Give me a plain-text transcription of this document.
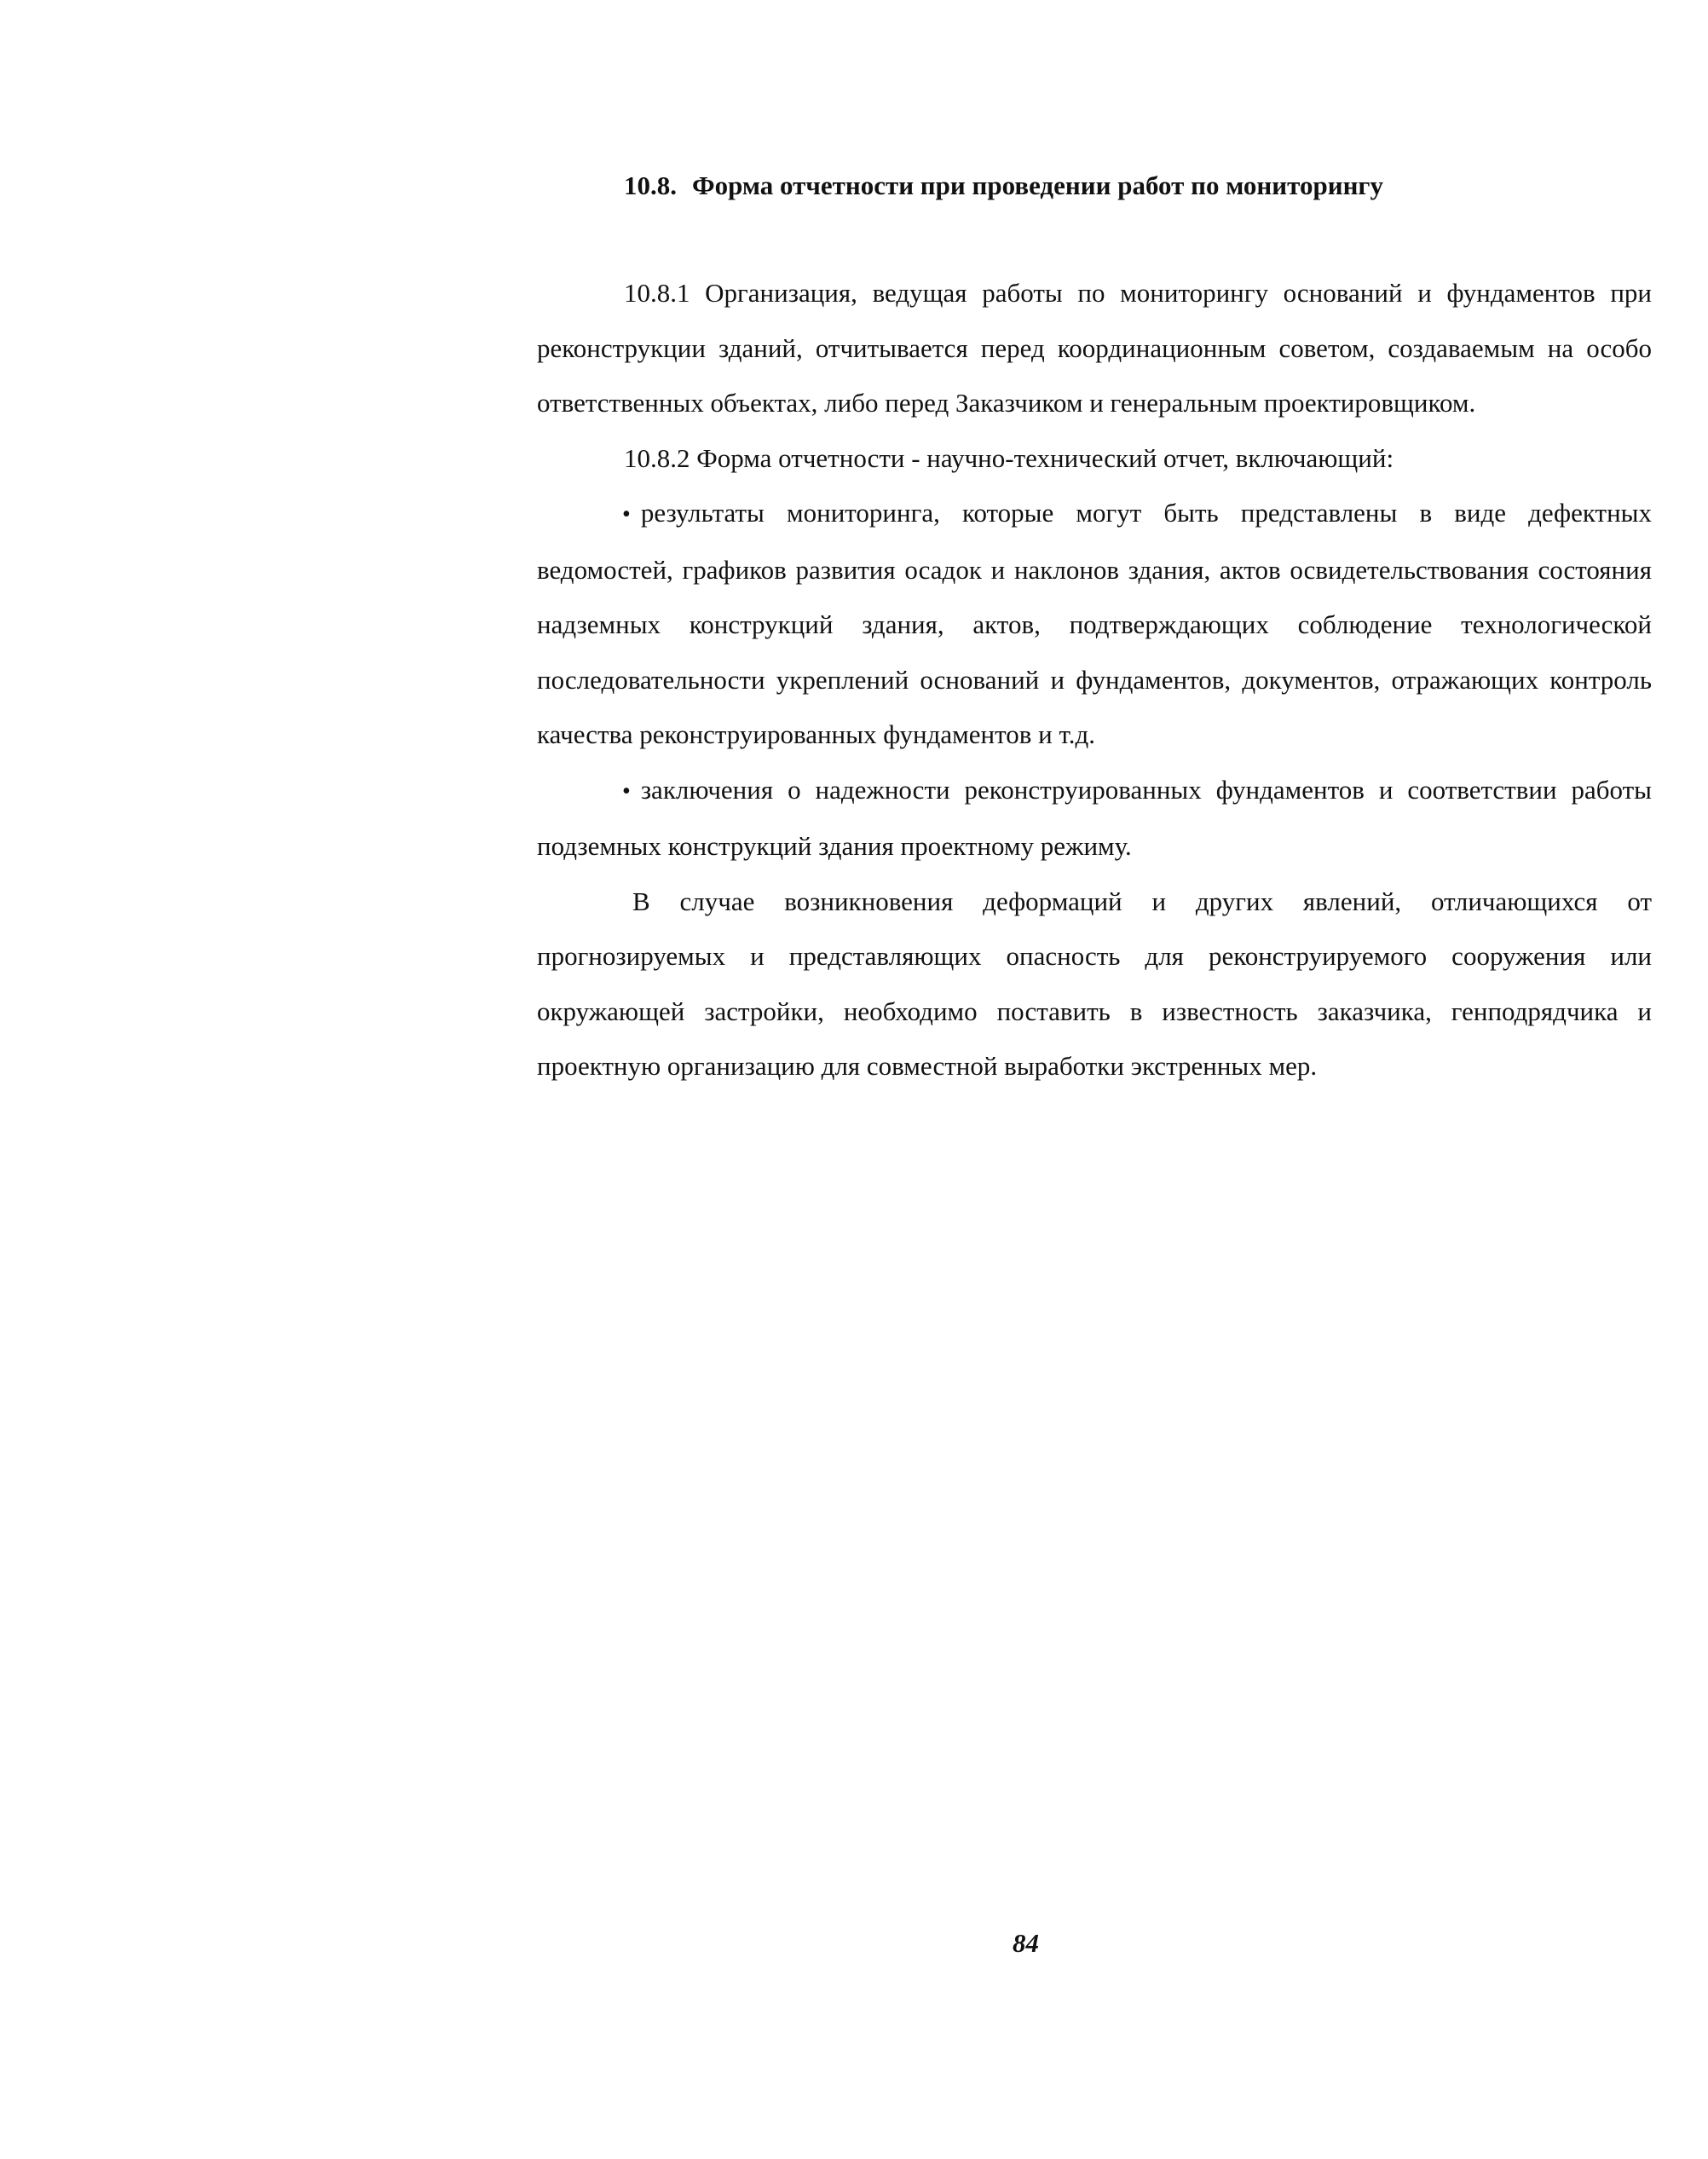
10.8. Форма отчетности при проведении работ по мониторингу

10.8.1 Организация, ведущая работы по мониторингу оснований и фундаментов при реконструкции зданий, отчитывается перед координационным советом, создаваемым на особо ответственных объектах, либо перед Заказчиком и генеральным проектировщиком.

10.8.2 Форма отчетности - научно-технический отчет, включающий:

• результаты мониторинга, которые могут быть представлены в виде дефектных ведомостей, графиков развития осадок и наклонов здания, актов освидетельствования состояния надземных конструкций здания, актов, подтверждающих соблюдение технологической последовательности укреплений оснований и фундаментов, документов, отражающих контроль качества реконструированных фундаментов и т.д.

• заключения о надежности реконструированных фундаментов и соответствии работы подземных конструкций здания проектному режиму.

В случае возникновения деформаций и других явлений, отличающихся от прогнозируемых и представляющих опасность для реконструируемого сооружения или окружающей застройки, необходимо поставить в известность заказчика, генподрядчика и проектную организацию для совместной выработки экстренных мер.

84
